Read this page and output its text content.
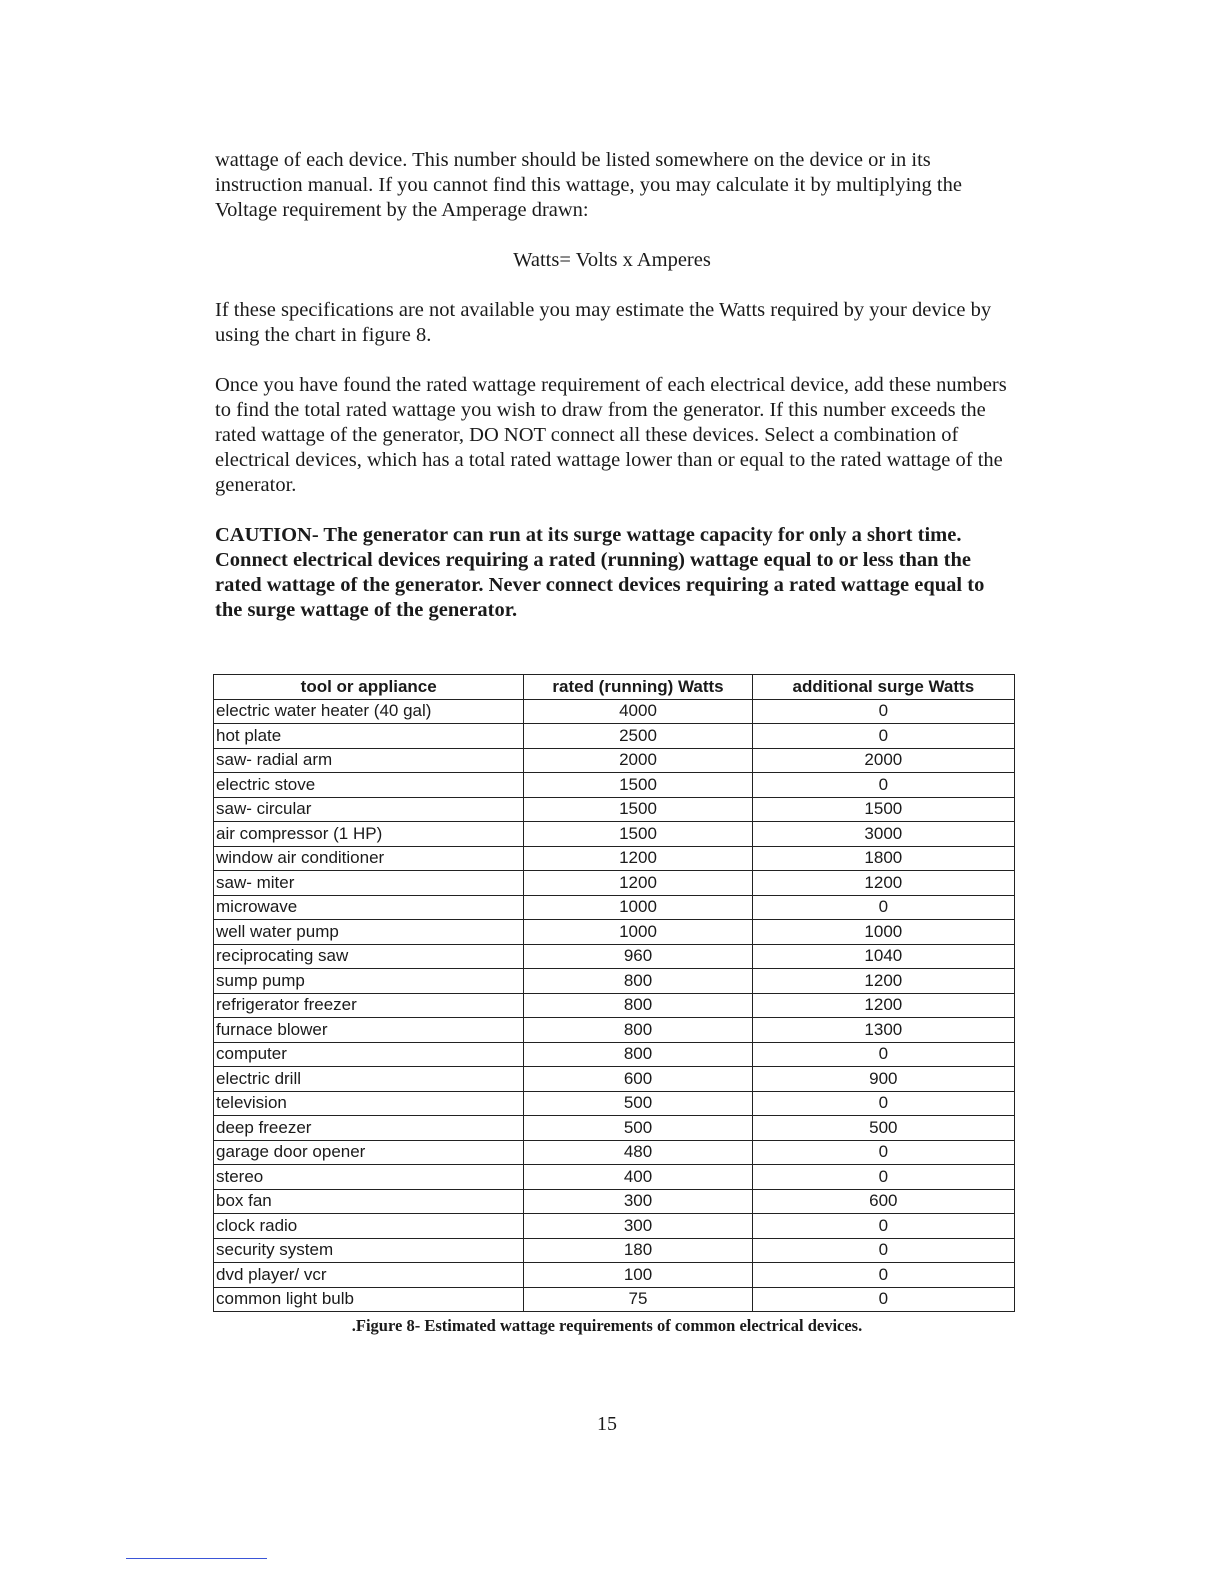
wattage of each device. This number should be listed somewhere on the device or in its instruction manual. If you cannot find this wattage, you may calculate it by multiplying the Voltage requirement by the Amperage drawn:
Watts= Volts x Amperes
If these specifications are not available you may estimate the Watts required by your device by using the chart in figure 8.
Once you have found the rated wattage requirement of each electrical device, add these numbers to find the total rated wattage you wish to draw from the generator. If this number exceeds the rated wattage of the generator, DO NOT connect all these devices. Select a combination of electrical devices, which has a total rated wattage lower than or equal to the rated wattage of the generator.
CAUTION- The generator can run at its surge wattage capacity for only a short time. Connect electrical devices requiring a rated (running) wattage equal to or less than the rated wattage of the generator. Never connect devices requiring a rated wattage equal to the surge wattage of the generator.
tool or appliance	rated (running) Watts	additional surge Watts
electric water heater (40 gal)	4000	0
hot plate	2500	0
saw- radial arm	2000	2000
electric stove	1500	0
saw- circular	1500	1500
air compressor (1 HP)	1500	3000
window air conditioner	1200	1800
saw- miter	1200	1200
microwave	1000	0
well water pump	1000	1000
reciprocating saw	960	1040
sump pump	800	1200
refrigerator freezer	800	1200
furnace blower	800	1300
computer	800	0
electric drill	600	900
television	500	0
deep freezer	500	500
garage door opener	480	0
stereo	400	0
box fan	300	600
clock radio	300	0
security system	180	0
dvd player/ vcr	100	0
common light bulb	75	0
.Figure 8- Estimated wattage requirements of common electrical devices.
15
